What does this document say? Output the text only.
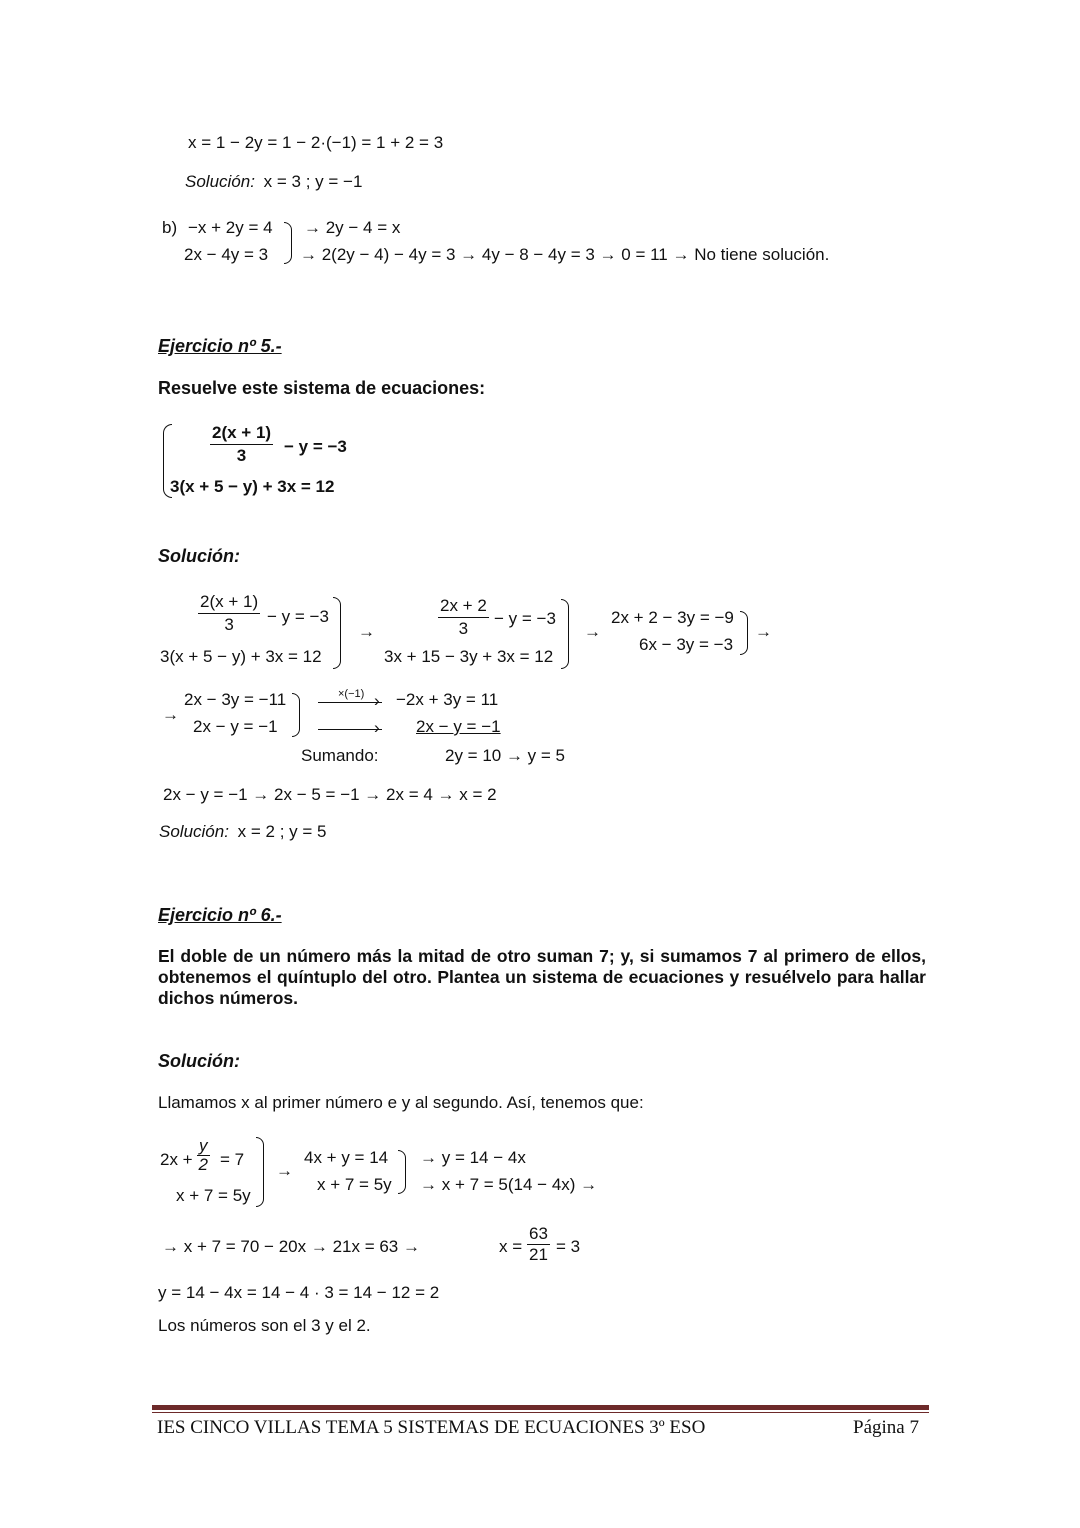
x = 1 − 2y = 1 − 2·(−1) = 1 + 2 = 3
Solución: x = 3 ; y = −1
b) −x + 2y = 4
2x − 4y = 3
→ 2y − 4 = x
→ 2(2y − 4) − 4y = 3 → 4y − 8 − 4y = 3 → 0 = 11 → No tiene solución.
Ejercicio nº 5.-
Resuelve este sistema de ecuaciones:
$\frac{2(x + 1)}{3} - y = -3$
3(x + 5 − y) + 3x = 12
Solución:
$\frac{2(x + 1)}{3} - y = -3$
3(x + 5 − y) + 3x = 12
→	$\frac{2x + 2}{3} - y = -3$
3x + 15 − 3y + 3x = 12
→
2x + 2 − 3y = −9
6x − 3y = −3
→
→
2x − 3y = −11
2x − y = −1
×(−1) ›
›
−2x + 3y = 11
2x − y = −1
Sumando:	2y = 10 → y = 5
2x − y = −1 → 2x − 5 = −1 → 2x = 4 → x = 2
Solución: x = 2 ; y = 5
Ejercicio nº 6.-
El doble de un número más la mitad de otro suman 7; y, si sumamos 7 al primero de ellos, obtenemos el quíntuplo del otro. Plantea un sistema de ecuaciones y resuélvelo para hallar dichos números.
Solución:
Llamamos x al primer número e y al segundo. Así, tenemos que:
$2x + \frac{y}{2} = 7$
x + 7 = 5y
→
4x + y = 14
x + 7 = 5y
→ y = 14 − 4x
→ x + 7 = 5(14 − 4x) →
→ x + 7 = 70 − 20x → 21x = 63 →	$x = \frac{63}{21} = 3$
y = 14 − 4x = 14 − 4 · 3 = 14 − 12 = 2
Los números son el 3 y el 2.
IES CINCO VILLAS TEMA 5 SISTEMAS DE ECUACIONES 3º ESO	Página 7
